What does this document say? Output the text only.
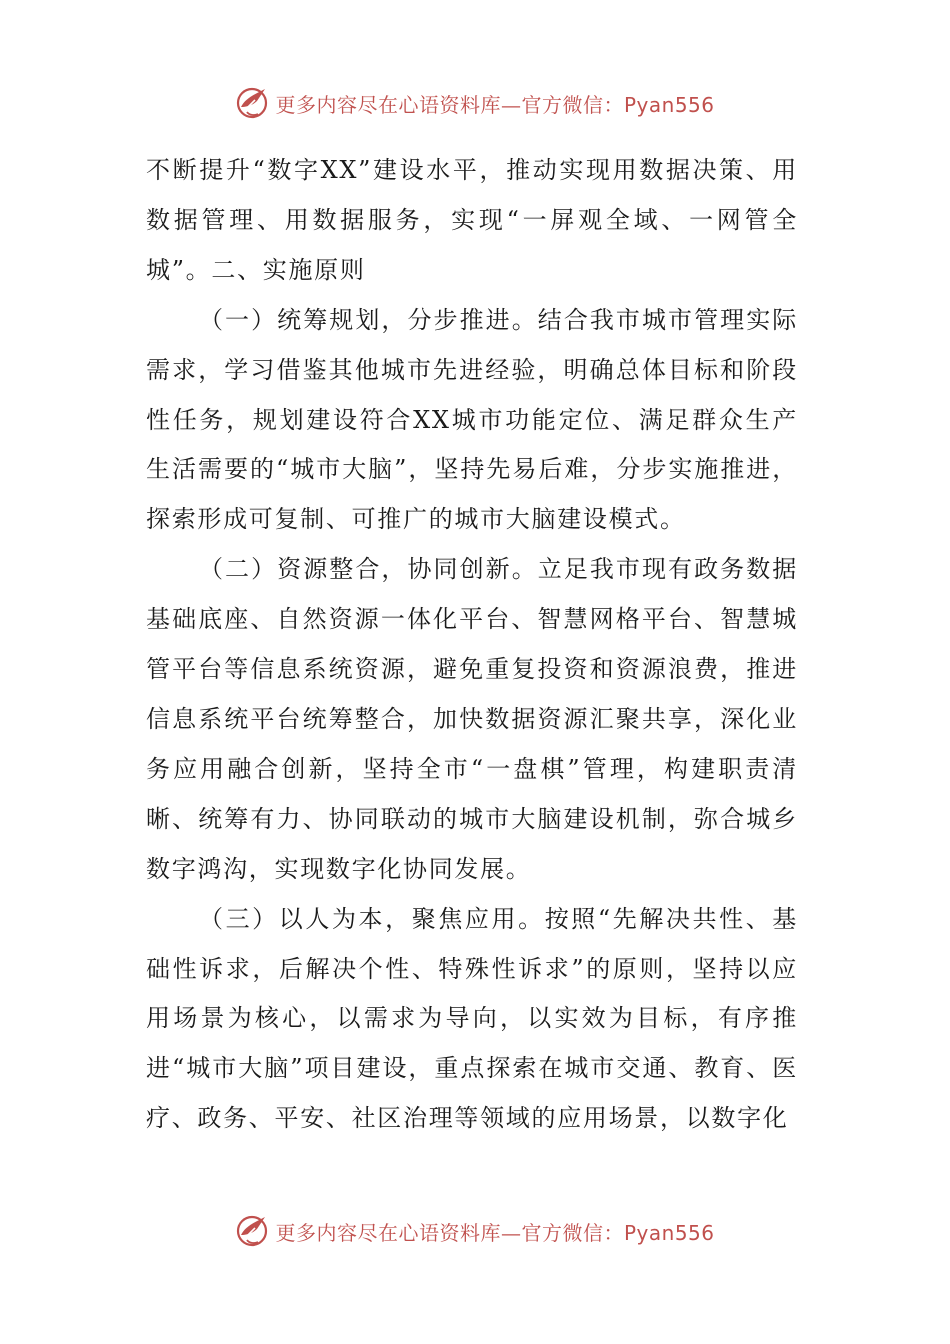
更多内容尽在心语资料库—官方微信：Pyan556

不断提升“数字XX”建设水平，推动实现用数据决策、用数据管理、用数据服务，实现“一屏观全域、一网管全城”。二、实施原则

（一）统筹规划，分步推进。结合我市城市管理实际需求，学习借鉴其他城市先进经验，明确总体目标和阶段性任务，规划建设符合XX城市功能定位、满足群众生产生活需要的“城市大脑”，坚持先易后难，分步实施推进，探索形成可复制、可推广的城市大脑建设模式。

（二）资源整合，协同创新。立足我市现有政务数据基础底座、自然资源一体化平台、智慧网格平台、智慧城管平台等信息系统资源，避免重复投资和资源浪费，推进信息系统平台统筹整合，加快数据资源汇聚共享，深化业务应用融合创新，坚持全市“一盘棋”管理，构建职责清晰、统筹有力、协同联动的城市大脑建设机制，弥合城乡数字鸿沟，实现数字化协同发展。

（三）以人为本，聚焦应用。按照“先解决共性、基础性诉求，后解决个性、特殊性诉求”的原则，坚持以应用场景为核心，以需求为导向，以实效为目标，有序推进“城市大脑”项目建设，重点探索在城市交通、教育、医疗、政务、平安、社区治理等领域的应用场景，以数字化

更多内容尽在心语资料库—官方微信：Pyan556
